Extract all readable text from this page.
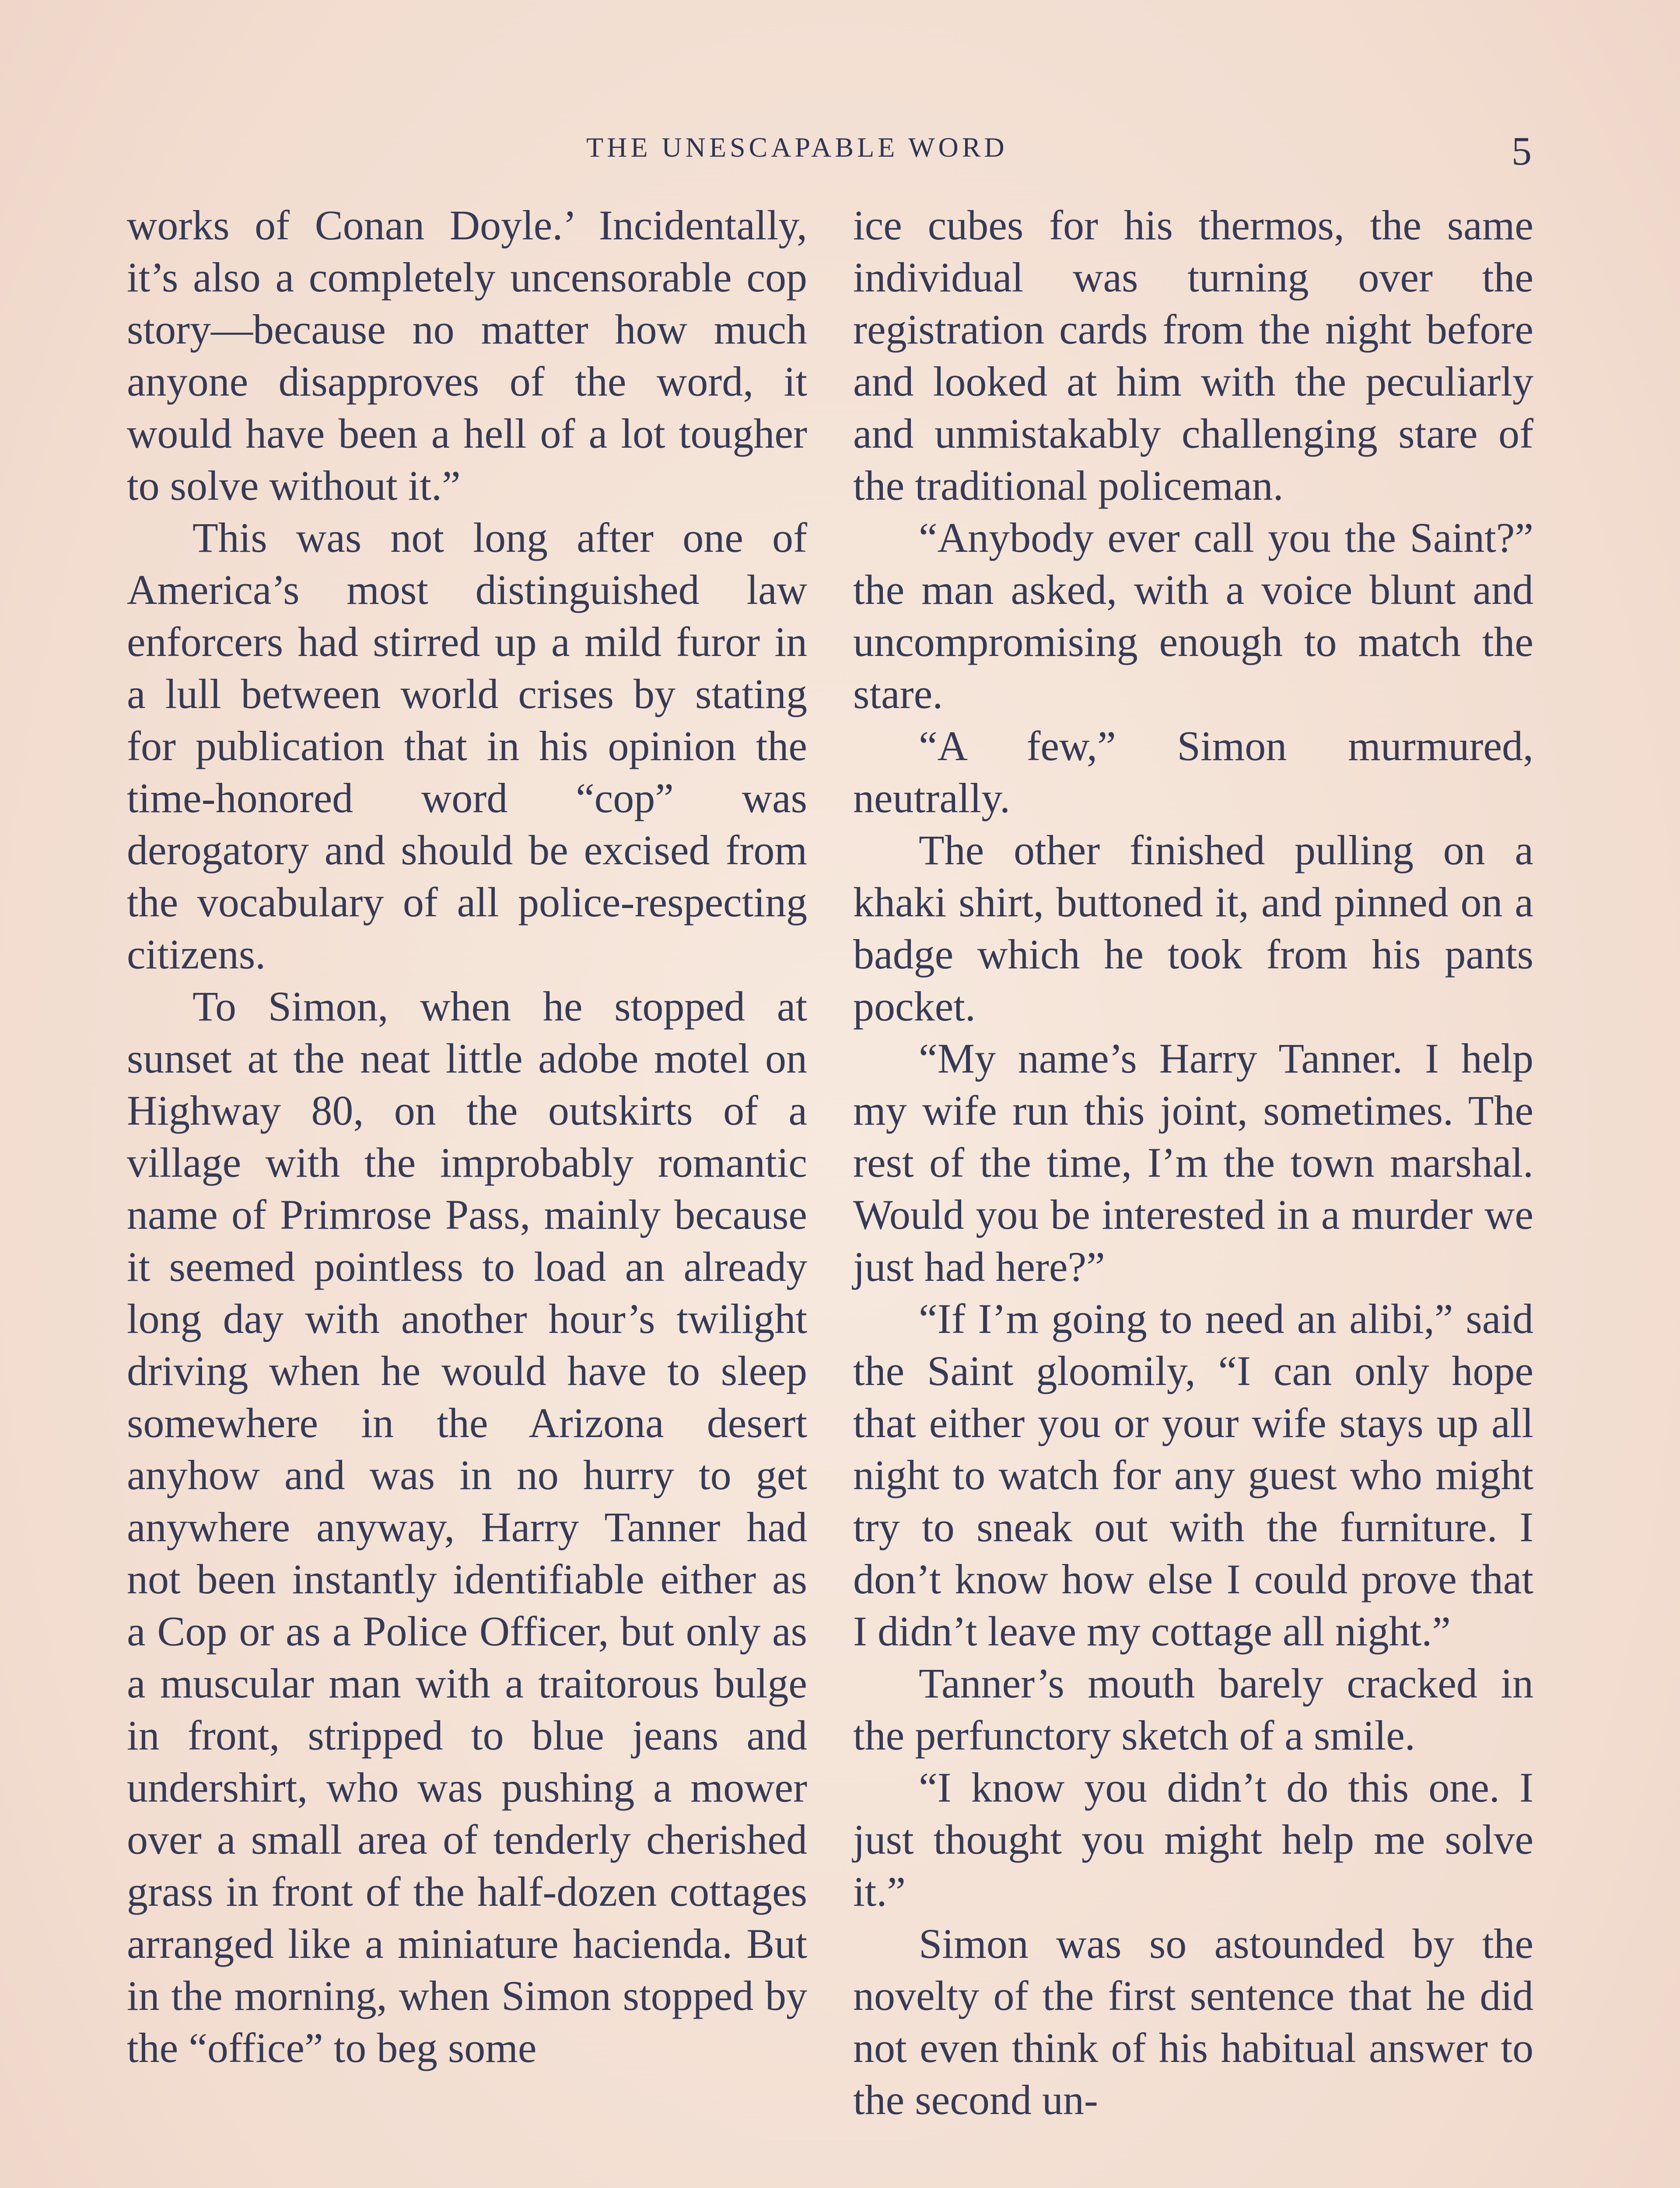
THE UNESCAPABLE WORD	5

works of Conan Doyle.’ Incidentally, it’s also a completely uncensorable cop story—because no matter how much anyone disapproves of the word, it would have been a hell of a lot tougher to solve without it.”

This was not long after one of America’s most distinguished law enforcers had stirred up a mild furor in a lull between world crises by stating for publication that in his opinion the time-honored word “cop” was derogatory and should be excised from the vocabulary of all police-respecting citizens.

To Simon, when he stopped at sunset at the neat little adobe motel on Highway 80, on the outskirts of a village with the improbably romantic name of Primrose Pass, mainly because it seemed pointless to load an already long day with another hour’s twilight driving when he would have to sleep somewhere in the Arizona desert anyhow and was in no hurry to get anywhere anyway, Harry Tanner had not been instantly identifiable either as a Cop or as a Police Officer, but only as a muscular man with a traitorous bulge in front, stripped to blue jeans and undershirt, who was pushing a mower over a small area of tenderly cherished grass in front of the half-dozen cottages arranged like a miniature hacienda. But in the morning, when Simon stopped by the “office” to beg some

ice cubes for his thermos, the same individual was turning over the registration cards from the night before and looked at him with the peculiarly and unmistakably challenging stare of the traditional policeman.

“Anybody ever call you the Saint?” the man asked, with a voice blunt and uncompromising enough to match the stare.

“A few,” Simon murmured, neutrally.

The other finished pulling on a khaki shirt, buttoned it, and pinned on a badge which he took from his pants pocket.

“My name’s Harry Tanner. I help my wife run this joint, sometimes. The rest of the time, I’m the town marshal. Would you be interested in a murder we just had here?”

“If I’m going to need an alibi,” said the Saint gloomily, “I can only hope that either you or your wife stays up all night to watch for any guest who might try to sneak out with the furniture. I don’t know how else I could prove that I didn’t leave my cottage all night.”

Tanner’s mouth barely cracked in the perfunctory sketch of a smile.

“I know you didn’t do this one. I just thought you might help me solve it.”

Simon was so astounded by the novelty of the first sentence that he did not even think of his habitual answer to the second un-
